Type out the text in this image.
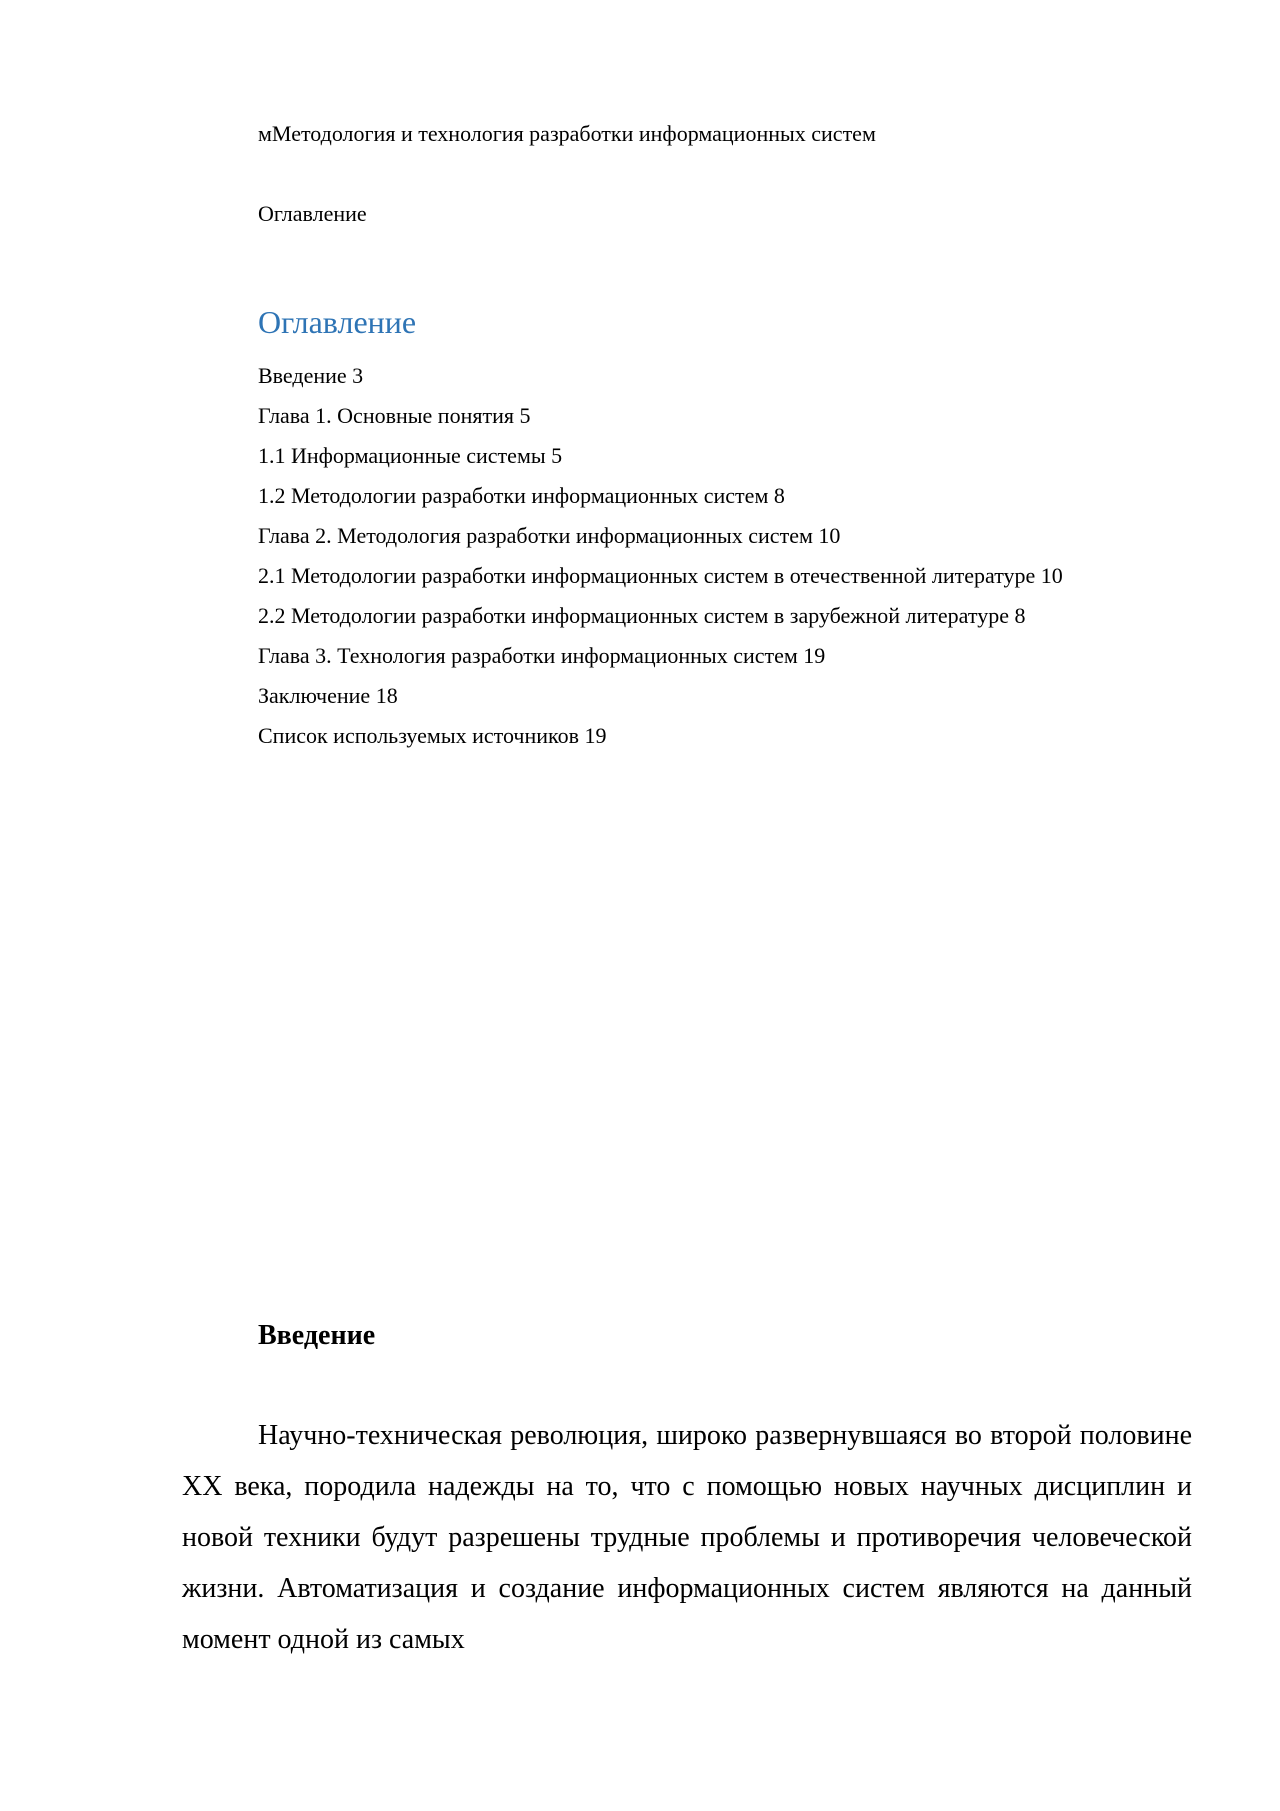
мМетодология и технология разработки информационных систем
Оглавление
Оглавление
Введение 3
Глава 1. Основные понятия 5
1.1 Информационные системы 5
1.2 Методологии разработки информационных систем 8
Глава 2. Методология разработки информационных систем 10
2.1 Методологии разработки информационных систем в отечественной литературе 10
2.2 Методологии разработки информационных систем в зарубежной литературе 8
Глава 3. Технология разработки информационных систем 19
Заключение 18
Список используемых источников 19
Введение

Научно-техническая революция, широко развернувшаяся во второй половине XX века, породила надежды на то, что с помощью новых научных дисциплин и новой техники будут разрешены трудные проблемы и противоречия человеческой жизни. Автоматизация и создание информационных систем являются на данный момент одной из самых
